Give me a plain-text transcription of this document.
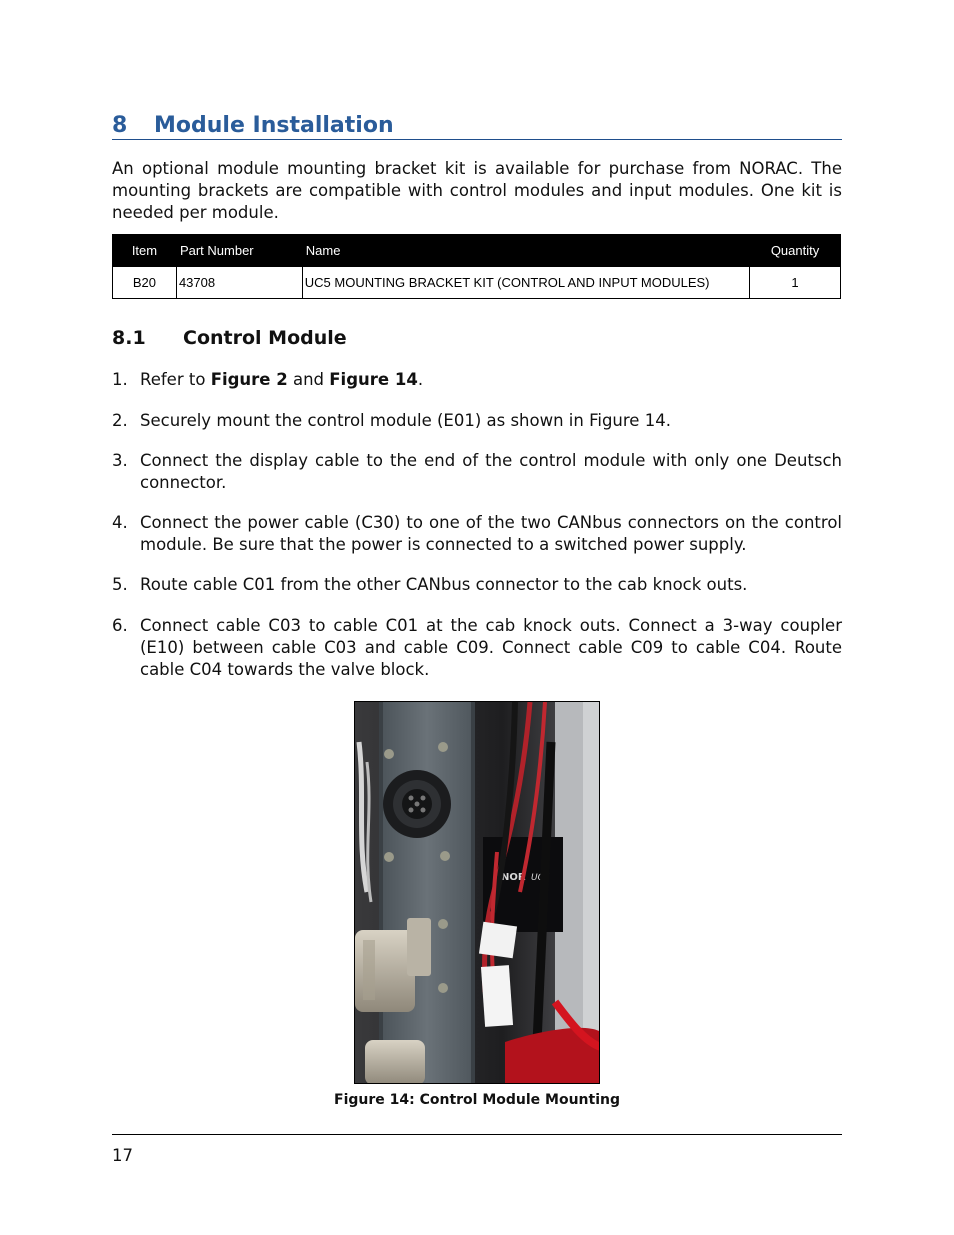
8 Module Installation

An optional module mounting bracket kit is available for purchase from NORAC. The mounting brackets are compatible with control modules and input modules. One kit is needed per module.

Item	Part Number	Name	Quantity
B20	43708	UC5 MOUNTING BRACKET KIT (CONTROL AND INPUT MODULES)	1
8.1 Control Module
1. Refer to Figure 2 and Figure 14.
2. Securely mount the control module (E01) as shown in Figure 14.
3. Connect the display cable to the end of the control module with only one Deutsch connector.
4. Connect the power cable (C30) to one of the two CANbus connectors on the control module. Be sure that the power is connected to a switched power supply.
5. Route cable C01 from the other CANbus connector to the cab knock outs.
6. Connect cable C03 to cable C01 at the cab knock outs. Connect a 3-way coupler (E10) between cable C03 and cable C09. Connect cable C09 to cable C04. Route cable C04 towards the valve block.
NOR UC5
Figure 14: Control Module Mounting
17
